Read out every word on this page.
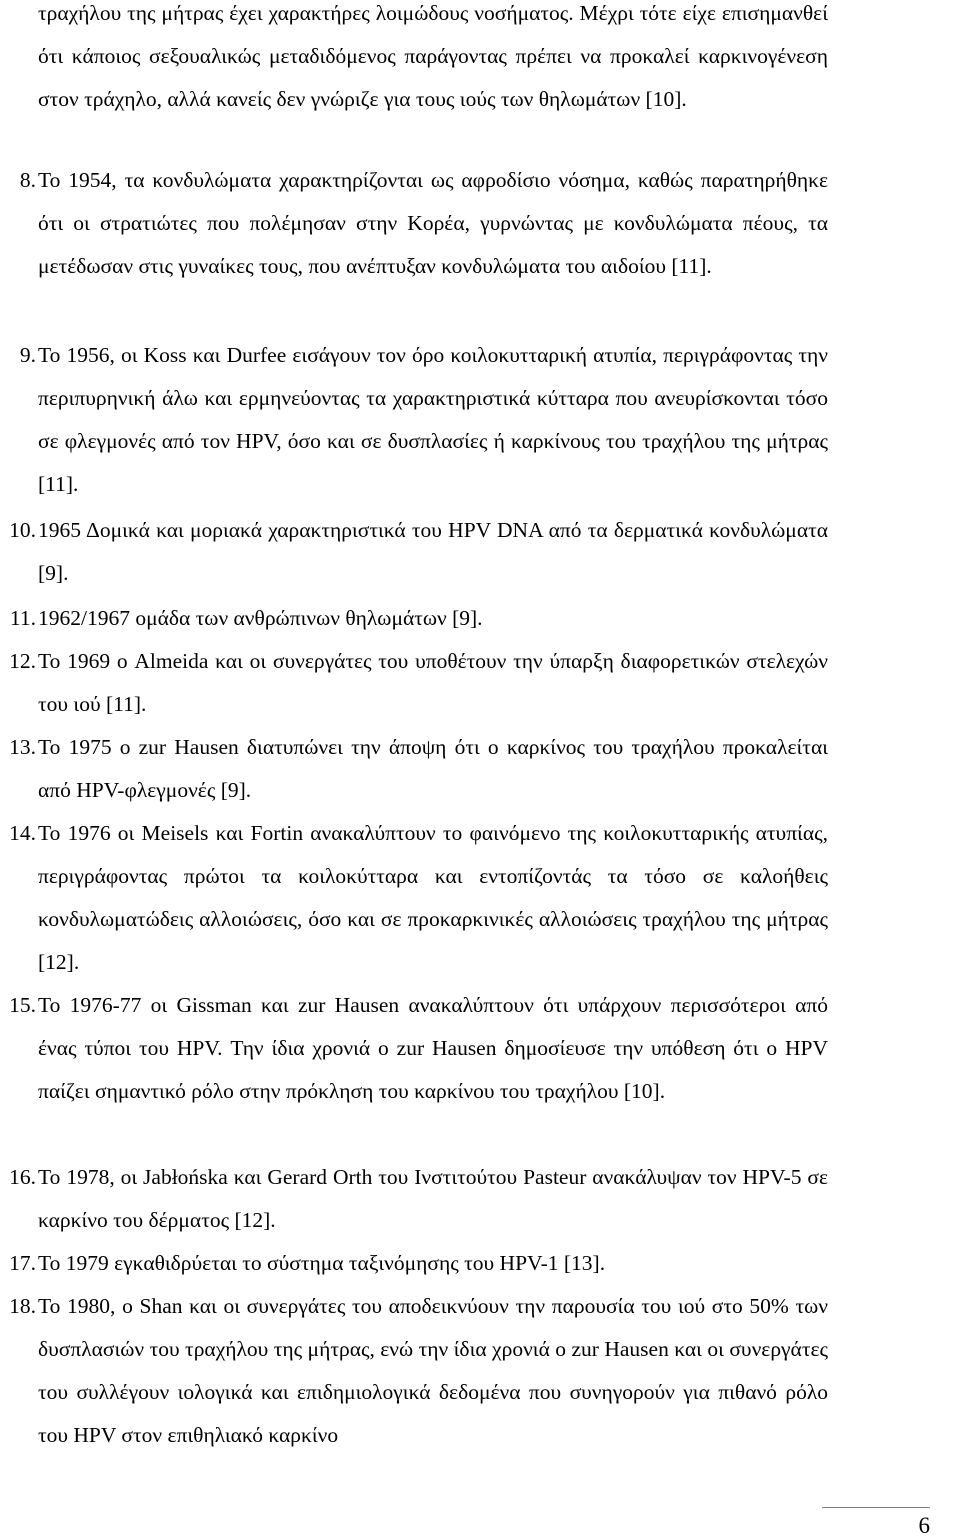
τραχήλου της μήτρας έχει χαρακτήρες λοιμώδους νοσήματος. Μέχρι τότε είχε επισημανθεί ότι κάποιος σεξουαλικώς μεταδιδόμενος παράγοντας πρέπει να προκαλεί καρκινογένεση στον τράχηλο, αλλά κανείς δεν γνώριζε για τους ιούς των θηλωμάτων [10].

8. Το 1954, τα κονδυλώματα χαρακτηρίζονται ως αφροδίσιο νόσημα, καθώς παρατηρήθηκε ότι οι στρατιώτες που πολέμησαν στην Κορέα, γυρνώντας με κονδυλώματα πέους, τα μετέδωσαν στις γυναίκες τους, που ανέπτυξαν κονδυλώματα του αιδοίου [11].
9. Το 1956, οι Koss και Durfee εισάγουν τον όρο κοιλοκυτταρική ατυπία, περιγράφοντας την περιπυρηνική άλω και ερμηνεύοντας τα χαρακτηριστικά κύτταρα που ανευρίσκονται τόσο σε φλεγμονές από τον HPV, όσο και σε δυσπλασίες ή καρκίνους του τραχήλου της μήτρας [11].
10. 1965 Δομικά και μοριακά χαρακτηριστικά του HPV DNA από τα δερματικά κονδυλώματα [9].
11. 1962/1967 ομάδα των ανθρώπινων θηλωμάτων [9].
12. Το 1969 ο Almeida και οι συνεργάτες του υποθέτουν την ύπαρξη διαφορετικών στελεχών του ιού [11].
13. Το 1975 ο zur Hausen διατυπώνει την άποψη ότι ο καρκίνος του τραχήλου προκαλείται από HPV-φλεγμονές [9].
14. Το 1976 οι Meisels και Fortin ανακαλύπτουν το φαινόμενο της κοιλοκυτταρικής ατυπίας, περιγράφοντας πρώτοι τα κοιλοκύτταρα και εντοπίζοντάς τα τόσο σε καλοήθεις κονδυλωματώδεις αλλοιώσεις, όσο και σε προκαρκινικές αλλοιώσεις τραχήλου της μήτρας [12].
15. Το 1976-77 οι Gissman και zur Hausen ανακαλύπτουν ότι υπάρχουν περισσότεροι από ένας τύποι του HPV. Την ίδια χρονιά ο zur Hausen δημοσίευσε την υπόθεση ότι ο HPV παίζει σημαντικό ρόλο στην πρόκληση του καρκίνου του τραχήλου [10].
16. Το 1978, οι Jabłońska και Gerard Orth του Ινστιτούτου Pasteur ανακάλυψαν τον HPV-5 σε καρκίνο του δέρματος [12].
17. Το 1979 εγκαθιδρύεται το σύστημα ταξινόμησης του HPV-1 [13].
18. Το 1980, ο Shan και οι συνεργάτες του αποδεικνύουν την παρουσία του ιού στο 50% των δυσπλασιών του τραχήλου της μήτρας, ενώ την ίδια χρονιά ο zur Hausen και οι συνεργάτες του συλλέγουν ιολογικά και επιδημιολογικά δεδομένα που συνηγορούν για πιθανό ρόλο του HPV στον επιθηλιακό καρκίνο
6
